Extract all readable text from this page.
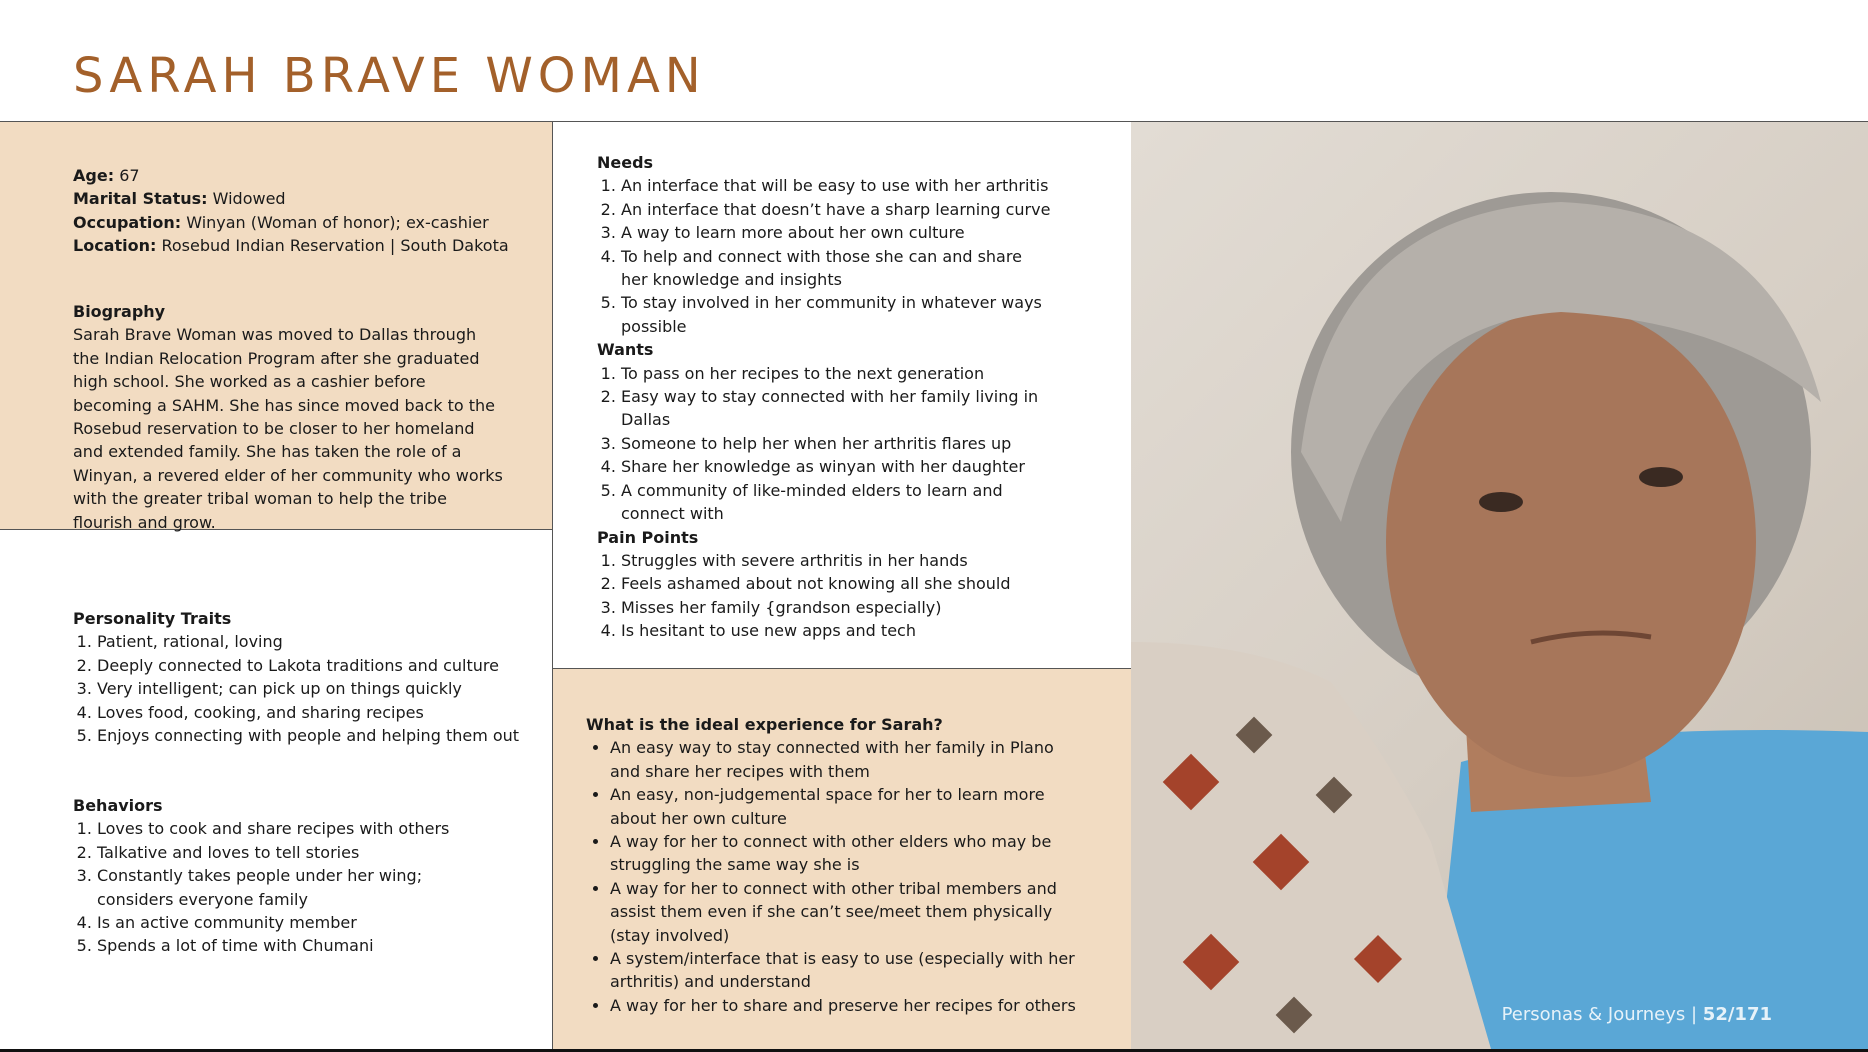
SARAH BRAVE WOMAN

Age: 67

Marital Status: Widowed

Occupation: Winyan (Woman of honor); ex-cashier

Location: Rosebud Indian Reservation | South Dakota

Biography

Sarah Brave Woman was moved to Dallas through the Indian Relocation Program after she graduated high school. She worked as a cashier before becoming a SAHM. She has since moved back to the Rosebud reservation to be closer to her homeland and extended family. She has taken the role of a Winyan, a revered elder of her community who works with the greater tribal woman to help the tribe flourish and grow.

Personality Traits
1. Patient, rational, loving
2. Deeply connected to Lakota traditions and culture
3. Very intelligent; can pick up on things quickly
4. Loves food, cooking, and sharing recipes
5. Enjoys connecting with people and helping them out
Behaviors
1. Loves to cook and share recipes with others
2. Talkative and loves to tell stories
3. Constantly takes people under her wing; considers everyone family
4. Is an active community member
5. Spends a lot of time with Chumani
Needs
1. An interface that will be easy to use with her arthritis
2. An interface that doesn’t have a sharp learning curve
3. A way to learn more about her own culture
4. To help and connect with those she can and share her knowledge and insights
5. To stay involved in her community in whatever ways possible
Wants
1. To pass on her recipes to the next generation
2. Easy way to stay connected with her family living in Dallas
3. Someone to help her when her arthritis flares up
4. Share her knowledge as winyan with her daughter
5. A community of like-minded elders to learn and connect with
Pain Points
1. Struggles with severe arthritis in her hands
2. Feels ashamed about not knowing all she should
3. Misses her family {grandson especially)
4. Is hesitant to use new apps and tech
What is the ideal experience for Sarah?
• An easy way to stay connected with her family in Plano and share her recipes with them
• An easy, non-judgemental space for her to learn more about her own culture
• A way for her to connect with other elders who may be struggling the same way she is
• A way for her to connect with other tribal members and assist them even if she can’t see/meet them physically (stay involved)
• A system/interface that is easy to use (especially with her arthritis) and understand
• A way for her to share and preserve her recipes for others	Personas & Journeys | 52/171
